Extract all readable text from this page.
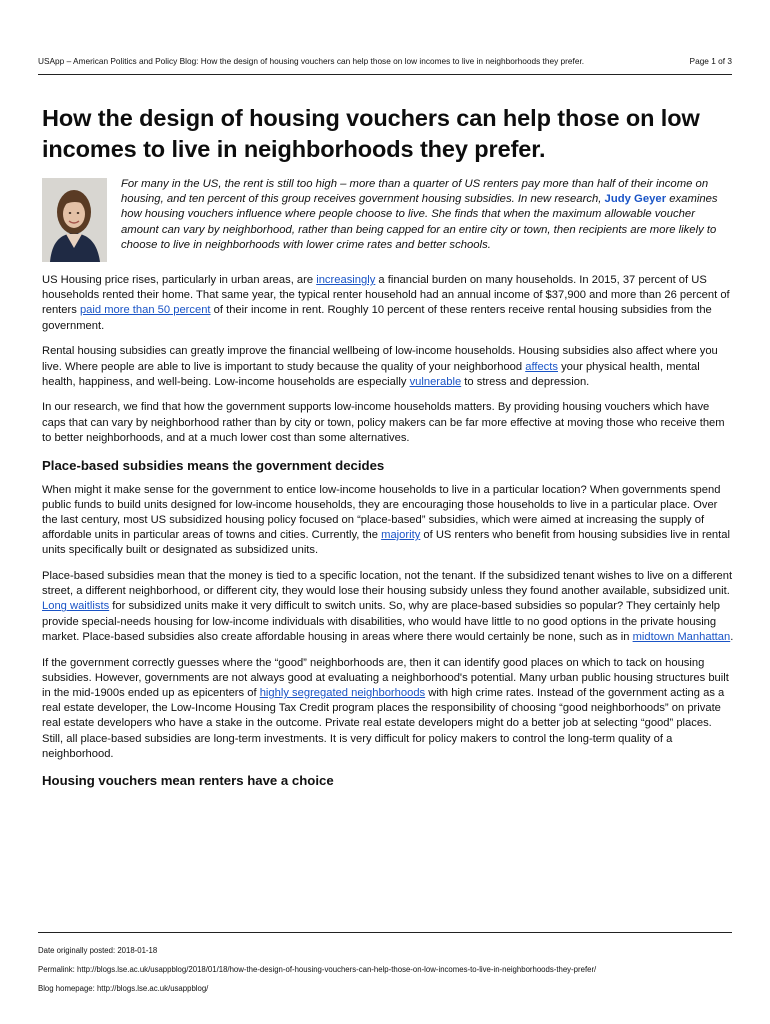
USApp – American Politics and Policy Blog: How the design of housing vouchers can help those on low incomes to live in neighborhoods they prefer.	Page 1 of 3
How the design of housing vouchers can help those on low incomes to live in neighborhoods they prefer.

For many in the US, the rent is still too high – more than a quarter of US renters pay more than half of their income on housing, and ten percent of this group receives government housing subsidies. In new research, Judy Geyer examines how housing vouchers influence where people choose to live. She finds that when the maximum allowable voucher amount can vary by neighborhood, rather than being capped for an entire city or town, then recipients are more likely to choose to live in neighborhoods with lower crime rates and better schools.

US Housing price rises, particularly in urban areas, are increasingly a financial burden on many households. In 2015, 37 percent of US households rented their home. That same year, the typical renter household had an annual income of $37,900 and more than 26 percent of renters paid more than 50 percent of their income in rent. Roughly 10 percent of these renters receive rental housing subsidies from the government.

Rental housing subsidies can greatly improve the financial wellbeing of low-income households. Housing subsidies also affect where you live. Where people are able to live is important to study because the quality of your neighborhood affects your physical health, mental health, happiness, and well-being. Low-income households are especially vulnerable to stress and depression.

In our research, we find that how the government supports low-income households matters. By providing housing vouchers which have caps that can vary by neighborhood rather than by city or town, policy makers can be far more effective at moving those who receive them to better neighborhoods, and at a much lower cost than some alternatives.

Place-based subsidies means the government decides

When might it make sense for the government to entice low-income households to live in a particular location? When governments spend public funds to build units designed for low-income households, they are encouraging those households to live in a particular place. Over the last century, most US subsidized housing policy focused on “place-based” subsidies, which were aimed at increasing the supply of affordable units in particular areas of towns and cities. Currently, the majority of US renters who benefit from housing subsidies live in rental units specifically built or designated as subsidized units.

Place-based subsidies mean that the money is tied to a specific location, not the tenant. If the subsidized tenant wishes to live on a different street, a different neighborhood, or different city, they would lose their housing subsidy unless they found another available, subsidized unit. Long waitlists for subsidized units make it very difficult to switch units. So, why are place-based subsidies so popular? They certainly help provide special-needs housing for low-income individuals with disabilities, who would have little to no good options in the private housing market. Place-based subsidies also create affordable housing in areas where there would certainly be none, such as in midtown Manhattan.

If the government correctly guesses where the “good” neighborhoods are, then it can identify good places on which to tack on housing subsidies. However, governments are not always good at evaluating a neighborhood's potential. Many urban public housing structures built in the mid-1900s ended up as epicenters of highly segregated neighborhoods with high crime rates. Instead of the government acting as a real estate developer, the Low-Income Housing Tax Credit program places the responsibility of choosing “good neighborhoods” on private real estate developers who have a stake in the outcome. Private real estate developers might do a better job at selecting “good” places. Still, all place-based subsidies are long-term investments. It is very difficult for policy makers to control the long-term quality of a neighborhood.

Housing vouchers mean renters have a choice
Date originally posted: 2018-01-18
Permalink: http://blogs.lse.ac.uk/usappblog/2018/01/18/how-the-design-of-housing-vouchers-can-help-those-on-low-incomes-to-live-in-neighborhoods-they-prefer/
Blog homepage: http://blogs.lse.ac.uk/usappblog/
